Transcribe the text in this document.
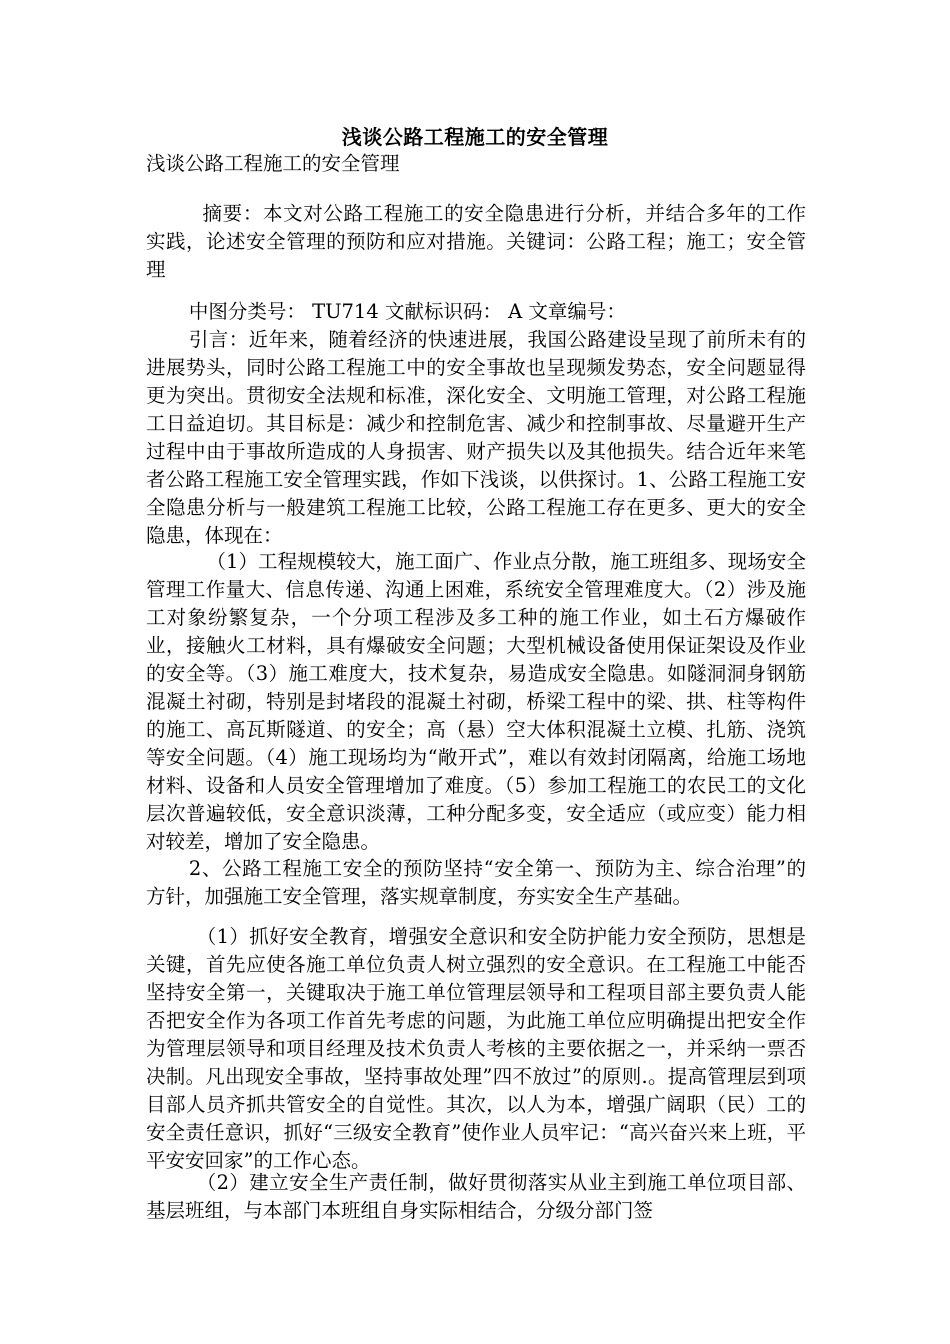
浅谈公路工程施工的安全管理

浅谈公路工程施工的安全管理

摘要：本文对公路工程施工的安全隐患进行分析，并结合多年的工作实践，论述安全管理的预防和应对措施。关键词：公路工程；施工；安全管理

中图分类号： TU714 文献标识码： A 文章编号：

引言：近年来，随着经济的快速进展，我国公路建设呈现了前所未有的进展势头，同时公路工程施工中的安全事故也呈现频发势态，安全问题显得更为突出。贯彻安全法规和标准，深化安全、文明施工管理，对公路工程施工日益迫切。其目标是：减少和控制危害、减少和控制事故、尽量避开生产过程中由于事故所造成的人身损害、财产损失以及其他损失。结合近年来笔者公路工程施工安全管理实践，作如下浅谈，以供探讨。1、公路工程施工安全隐患分析与一般建筑工程施工比较，公路工程施工存在更多、更大的安全隐患，体现在：

（1）工程规模较大，施工面广、作业点分散，施工班组多、现场安全管理工作量大、信息传递、沟通上困难，系统安全管理难度大。（2）涉及施工对象纷繁复杂，一个分项工程涉及多工种的施工作业，如土石方爆破作业，接触火工材料，具有爆破安全问题；大型机械设备使用保证架设及作业的安全等。（3）施工难度大，技术复杂，易造成安全隐患。如隧洞洞身钢筋混凝土衬砌，特别是封堵段的混凝土衬砌，桥梁工程中的梁、拱、柱等构件的施工、高瓦斯隧道、的安全；高（悬）空大体积混凝土立模、扎筋、浇筑等安全问题。（4）施工现场均为“敞开式”，难以有效封闭隔离，给施工场地材料、设备和人员安全管理增加了难度。（5）参加工程施工的农民工的文化层次普遍较低，安全意识淡薄，工种分配多变，安全适应（或应变）能力相对较差，增加了安全隐患。

2、公路工程施工安全的预防坚持“安全第一、预防为主、综合治理”的方针，加强施工安全管理，落实规章制度，夯实安全生产基础。

（1）抓好安全教育，增强安全意识和安全防护能力安全预防，思想是关键，首先应使各施工单位负责人树立强烈的安全意识。在工程施工中能否坚持安全第一，关键取决于施工单位管理层领导和工程项目部主要负责人能否把安全作为各项工作首先考虑的问题，为此施工单位应明确提出把安全作为管理层领导和项目经理及技术负责人考核的主要依据之一，并采纳一票否决制。凡出现安全事故，坚持事故处理”四不放过”的原则.。提高管理层到项目部人员齐抓共管安全的自觉性。其次，以人为本，增强广阔职（民）工的安全责任意识，抓好“三级安全教育”使作业人员牢记：“高兴奋兴来上班，平平安安回家”的工作心态。

（2）建立安全生产责任制，做好贯彻落实从业主到施工单位项目部、基层班组，与本部门本班组自身实际相结合，分级分部门签
